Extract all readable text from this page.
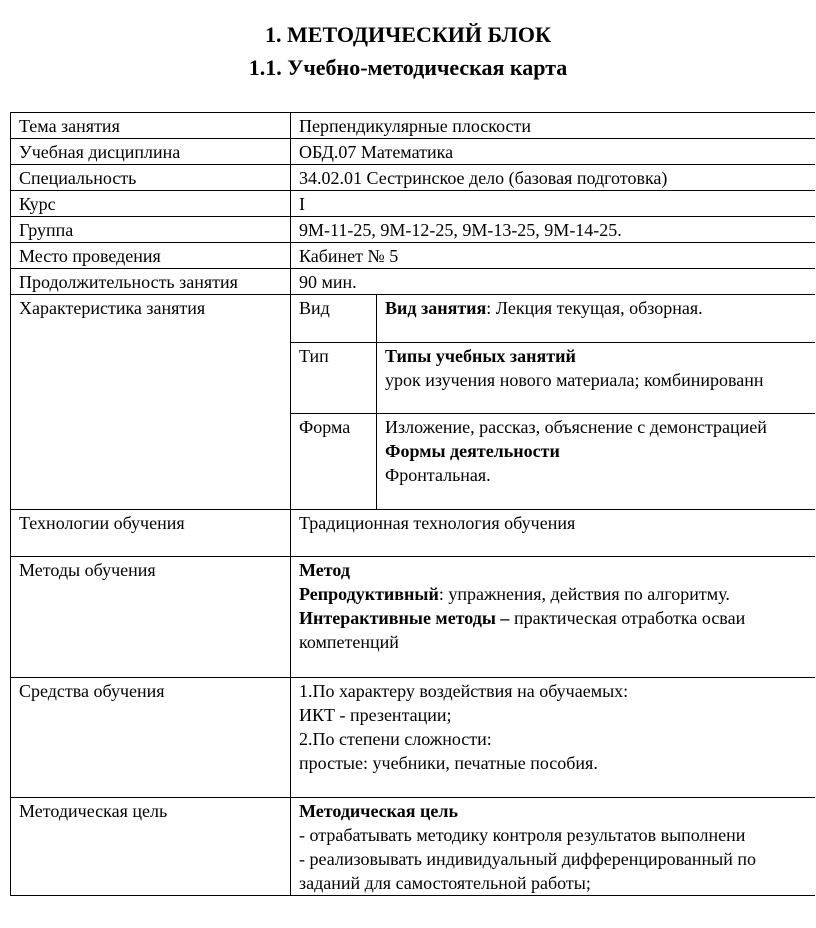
1. МЕТОДИЧЕСКИЙ БЛОК
1.1. Учебно-методическая карта
Тема занятия	Перпендикулярные плоскости	
Учебная дисциплина	ОБД.07 Математика	
Специальность	34.02.01 Сестринское дело (базовая подготовка)	
Курс	I	
Группа	9М-11-25, 9М-12-25, 9М-13-25, 9М-14-25.	
Место проведения	Кабинет № 5	
Продолжительность занятия	90 мин.	
Характеристика занятия	Вид	Вид занятия: Лекция текущая, обзорная.
	Тип	Типы учебных занятий
урок изучения нового материала; комбинированн

	Форма	Изложение, рассказ, объяснение с демонстрацией
Формы деятельности
Фронтальная.

Технологии обучения	Традиционная технология обучения	
Методы обучения	Метод
Репродуктивный: упражнения, действия по алгоритму.
Интерактивные методы – практическая отработка осваи
компетенций	

Средства обучения	1.По характеру воздействия на обучаемых:
ИКТ - презентации;
2.По степени сложности:
простые: учебники, печатные пособия.	

Методическая цель	Методическая цель
- отрабатывать методику контроля результатов выполнени
- реализовывать индивидуальный дифференцированный по
заданий для самостоятельной работы;	
